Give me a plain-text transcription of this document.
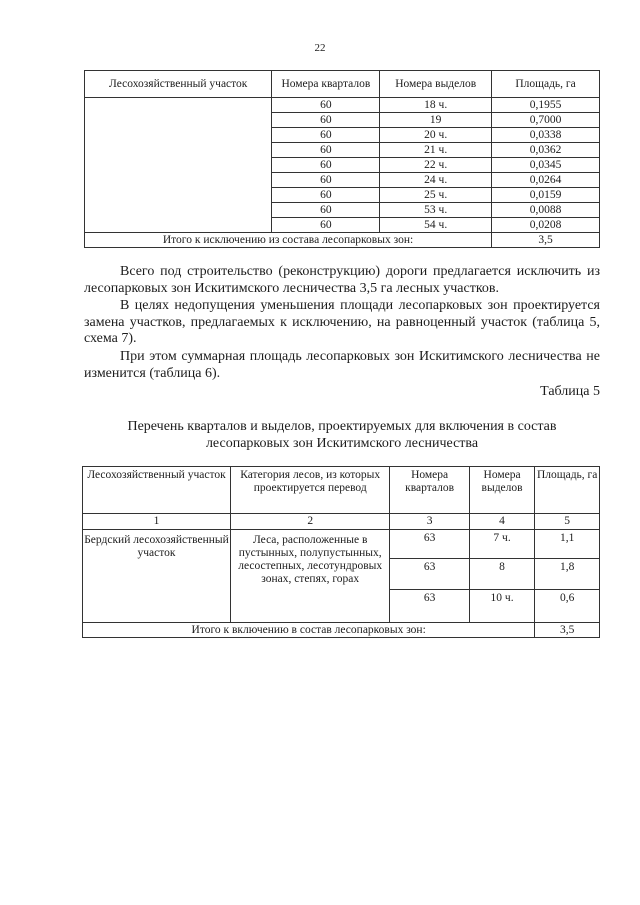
22
Лесохозяйственный участок	Номера кварталов	Номера выделов	Площадь, га
	60	18 ч.	0,1955
	60	19	0,7000
	60	20 ч.	0,0338
	60	21 ч.	0,0362
	60	22 ч.	0,0345
	60	24 ч.	0,0264
	60	25 ч.	0,0159
	60	53 ч.	0,0088
	60	54 ч.	0,0208
Итого к исключению из состава лесопарковых зон:			3,5

Всего под строительство (реконструкцию) дороги предлагается исключить из лесопарковых зон Искитимского лесничества 3,5 га лесных участков.

В целях недопущения уменьшения площади лесопарковых зон проектируется замена участков, предлагаемых к исключению, на равноценный участок (таблица 5, схема 7).

При этом суммарная площадь лесопарковых зон Искитимского лесничества не изменится (таблица 6).

Таблица 5
Перечень кварталов и выделов, проектируемых для включения в состав лесопарковых зон Искитимского лесничества
Лесохозяйственный участок	Категория лесов, из которых проектируется перевод	Номера кварталов	Номера выделов	Площадь, га
1	2	3	4	5
Бердский лесохозяйственный участок	Леса, расположенные в пустынных, полупустынных, лесостепных, лесотундровых зонах, степях, горах	63	7 ч.	1,1
		63	8	1,8
		63	10 ч.	0,6
Итого к включению в состав лесопарковых зон:				3,5
